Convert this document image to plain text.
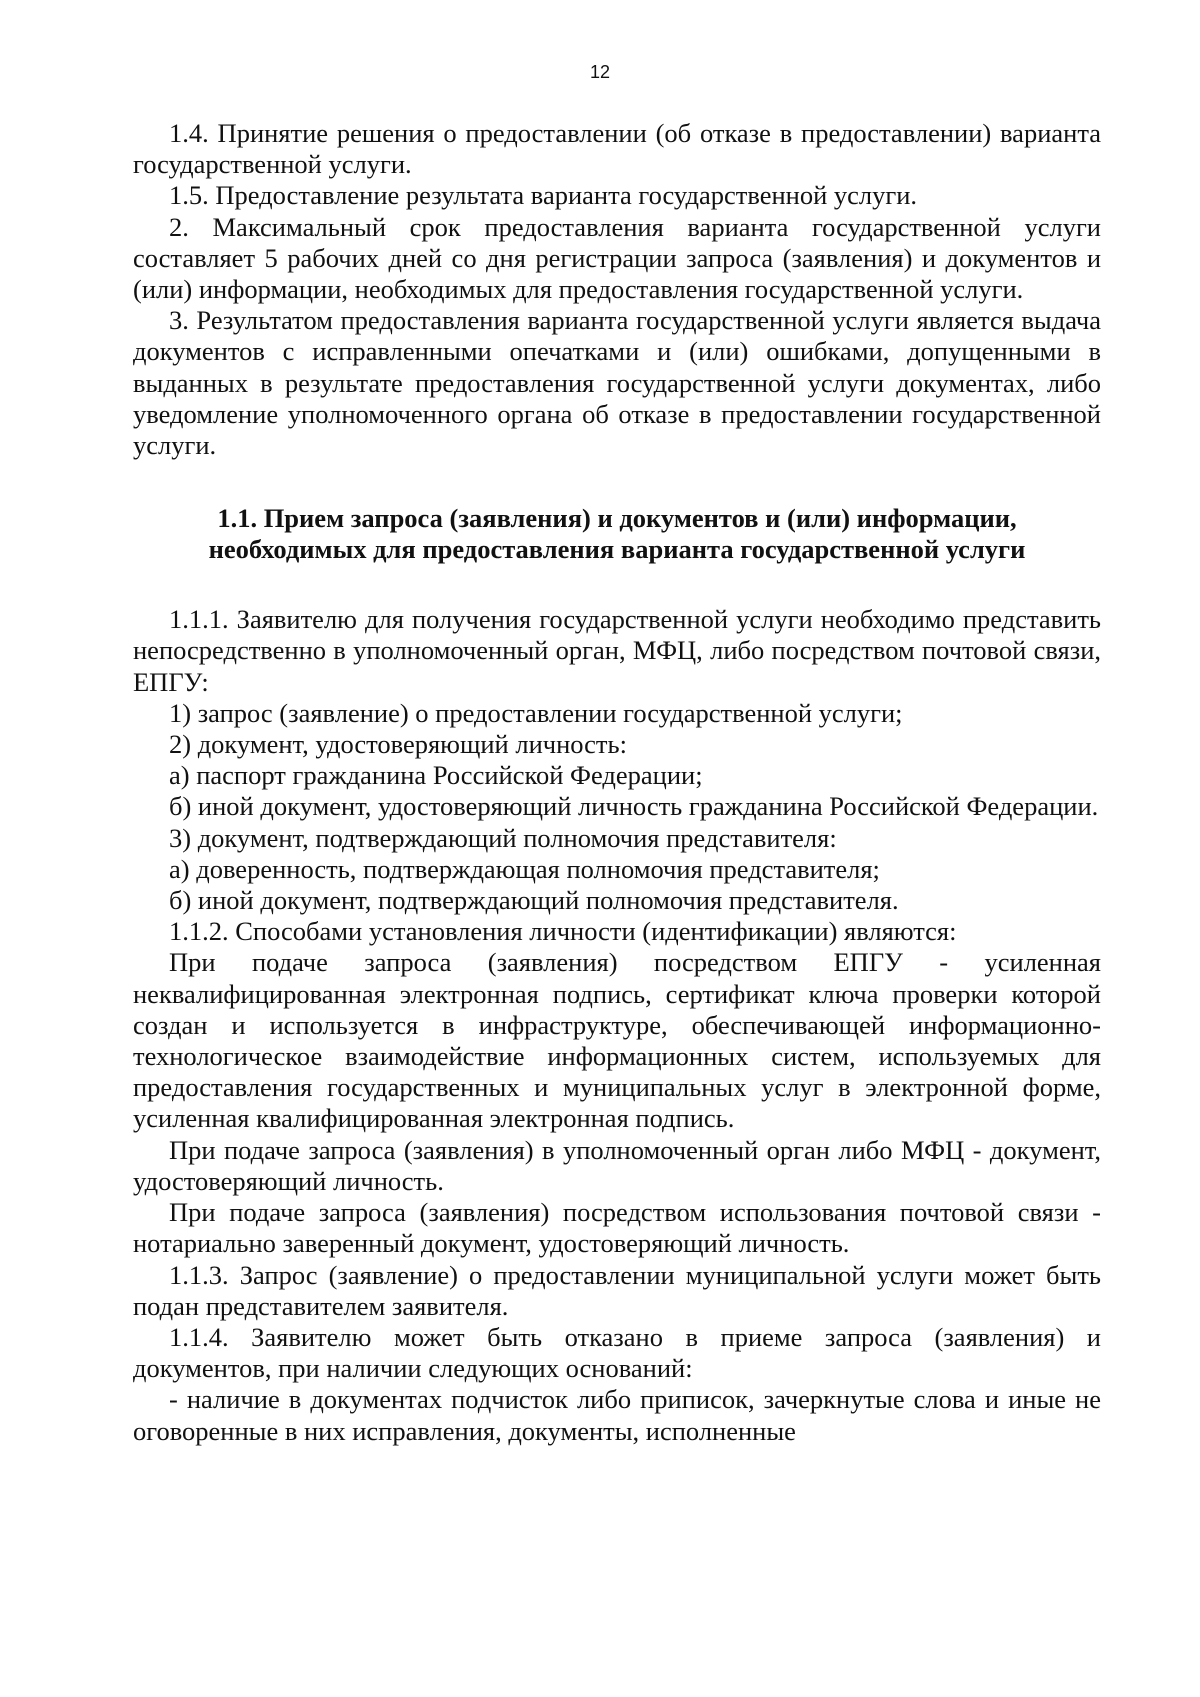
12

1.4. Принятие решения о предоставлении (об отказе в предоставлении) варианта государственной услуги.

1.5. Предоставление результата варианта государственной услуги.

2. Максимальный срок предоставления варианта государственной услуги составляет 5 рабочих дней со дня регистрации запроса (заявления) и документов и (или) информации, необходимых для предоставления государственной услуги.

3. Результатом предоставления варианта государственной услуги является выдача документов с исправленными опечатками и (или) ошибками, допущенными в выданных в результате предоставления государственной услуги документах, либо уведомление уполномоченного органа об отказе в предоставлении государственной услуги.

1.1. Прием запроса (заявления) и документов и (или) информации,
необходимых для предоставления варианта государственной услуги

1.1.1. Заявителю для получения государственной услуги необходимо представить непосредственно в уполномоченный орган, МФЦ, либо посредством почтовой связи, ЕПГУ:

1) запрос (заявление) о предоставлении государственной услуги;

2) документ, удостоверяющий личность:

а) паспорт гражданина Российской Федерации;

б) иной документ, удостоверяющий личность гражданина Российской Федерации.

3) документ, подтверждающий полномочия представителя:

а) доверенность, подтверждающая полномочия представителя;

б) иной документ, подтверждающий полномочия представителя.

1.1.2. Способами установления личности (идентификации) являются:

При подаче запроса (заявления) посредством ЕПГУ - усиленная неквалифицированная электронная подпись, сертификат ключа проверки которой создан и используется в инфраструктуре, обеспечивающей информационно-технологическое взаимодействие информационных систем, используемых для предоставления государственных и муниципальных услуг в электронной форме, усиленная квалифицированная электронная подпись.

При подаче запроса (заявления) в уполномоченный орган либо МФЦ - документ, удостоверяющий личность.

При подаче запроса (заявления) посредством использования почтовой связи - нотариально заверенный документ, удостоверяющий личность.

1.1.3. Запрос (заявление) о предоставлении муниципальной услуги может быть подан представителем заявителя.

1.1.4. Заявителю может быть отказано в приеме запроса (заявления) и документов, при наличии следующих оснований:

- наличие в документах подчисток либо приписок, зачеркнутые слова и иные не оговоренные в них исправления, документы, исполненные
